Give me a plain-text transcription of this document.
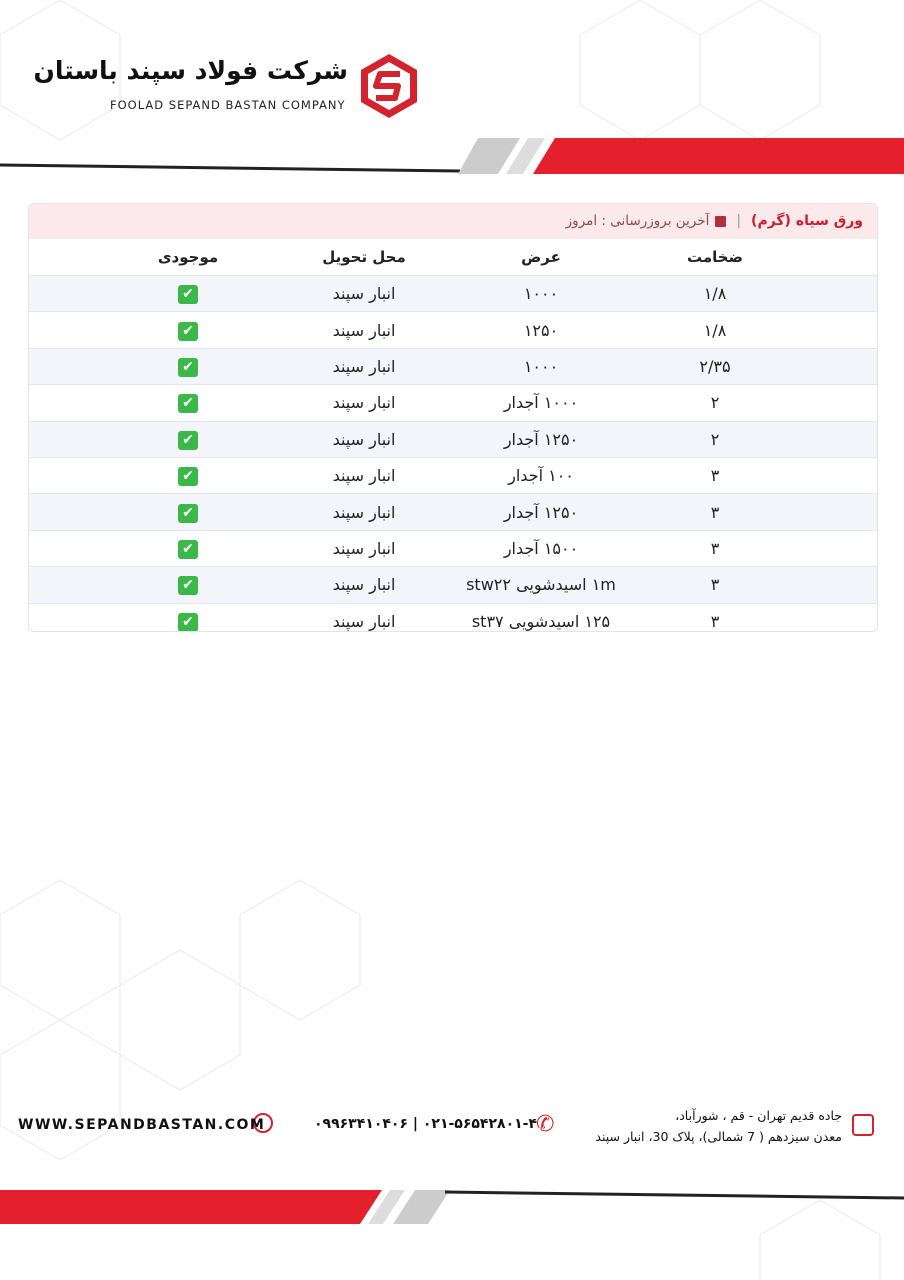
شرکت فولاد سپند باستان
FOOLAD SEPAND BASTAN COMPANY
ورق سیاه (گرم)
|
آخرین بروزرسانی : امروز
ضخامت
عرض
محل تحویل
موجودی
۱/۸
۱۰۰۰
انبار سپند
✔
۱/۸
۱۲۵۰
انبار سپند
✔
۲/۳۵
۱۰۰۰
انبار سپند
✔
۲
۱۰۰۰ آجدار
انبار سپند
✔
۲
۱۲۵۰ آجدار
انبار سپند
✔
۳
۱۰۰ آجدار
انبار سپند
✔
۳
۱۲۵۰ آجدار
انبار سپند
✔
۳
۱۵۰۰ آجدار
انبار سپند
✔
۳
۱m اسیدشویی stw۲۲
انبار سپند
✔
۳
۱۲۵ اسیدشویی st۳۷
انبار سپند
✔
جاده قدیم تهران - قم ، شورآباد،
معدن سیزدهم ( 7 شمالی)، پلاک 30، انبار سپند
✆
۰۹۹۶۳۴۱۰۴۰۶ | ۰۲۱-۵۶۵۴۲۸۰۱-۴
WWW.SEPANDBASTAN.COM
